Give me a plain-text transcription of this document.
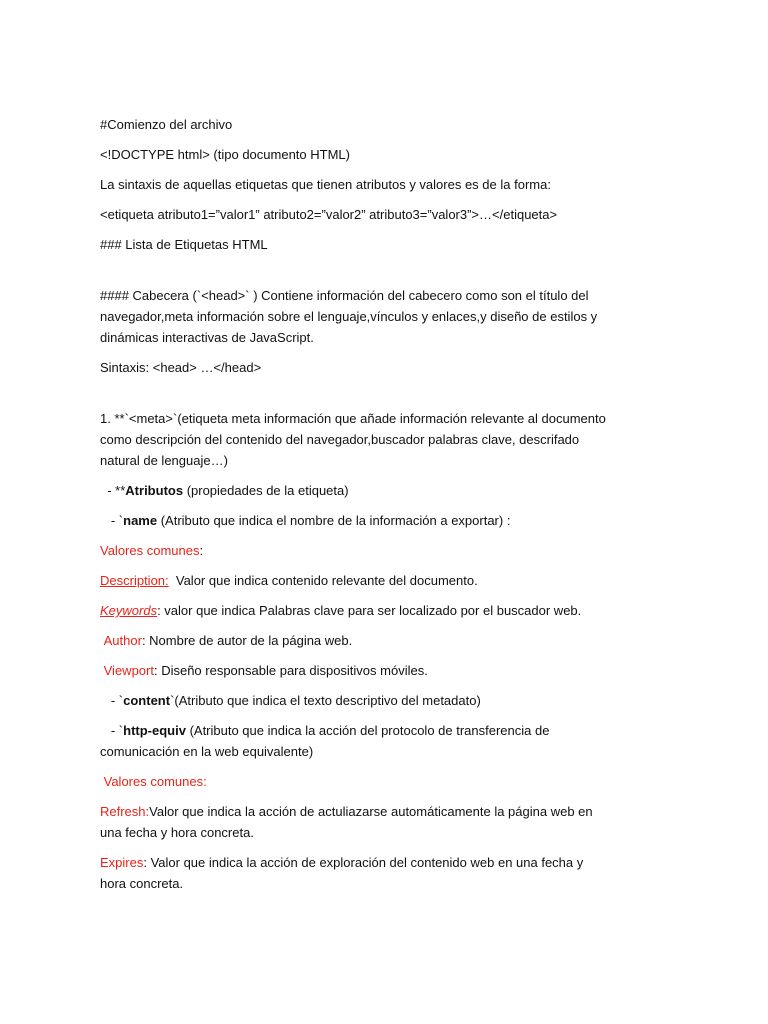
#Comienzo del archivo

<!DOCTYPE html> (tipo documento HTML)

La sintaxis de aquellas etiquetas que tienen atributos y valores es de la forma:

<etiqueta atributo1=”valor1” atributo2=”valor2” atributo3=”valor3”>…</etiqueta>

### Lista de Etiquetas HTML

#### Cabecera (`<head>` ) Contiene información del cabecero como son el título del navegador,meta información sobre el lenguaje,vínculos y enlaces,y diseño de estilos y dinámicas interactivas de JavaScript.

Sintaxis: <head> …</head>

1. **`<meta>`(etiqueta meta información que añade información relevante al documento como descripción del contenido del navegador,buscador palabras clave, descrifado natural de lenguaje…)

- **Atributos (propiedades de la etiqueta)

- `name (Atributo que indica el nombre de la información a exportar) :

Valores comunes:

Description:  Valor que indica contenido relevante del documento.

Keywords: valor que indica Palabras clave para ser localizado por el buscador web.

Author: Nombre de autor de la página web.

Viewport: Diseño responsable para dispositivos móviles.

- `content`(Atributo que indica el texto descriptivo del metadato)

- `http-equiv (Atributo que indica la acción del protocolo de transferencia de comunicación en la web equivalente)

Valores comunes:

Refresh:Valor que indica la acción de actuliazarse automáticamente la página web en una fecha y hora concreta.

Expires: Valor que indica la acción de exploración del contenido web en una fecha y hora concreta.
